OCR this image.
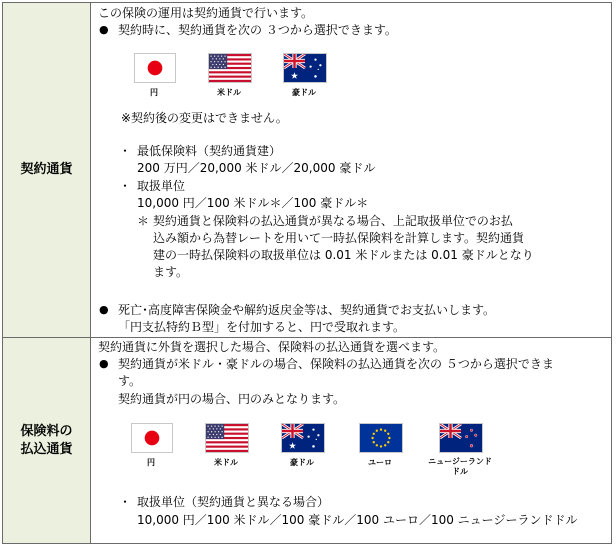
契約通貨
この保険の運用は契約通貨で行います。
● 契約時に、契約通貨を次の ３つから選択できます。
円	米ドル	豪ドル
※契約後の変更はできません。
・ 最低保険料（契約通貨建）
200 万円／20,000 米ドル／20,000 豪ドル
・ 取扱単位
10,000 円／100 米ドル＊／100 豪ドル＊
＊ 契約通貨と保険料の払込通貨が異なる場合、上記取扱単位でのお払
込み額から為替レートを用いて一時払保険料を計算します。契約通貨
建の一時払保険料の取扱単位は 0.01 米ドルまたは 0.01 豪ドルとなり
ます。
● 死亡･高度障害保険金や解約返戻金等は、契約通貨でお支払いします。
「円支払特約Ｂ型」を付加すると、円で受取れます。
保険料の
払込通貨
契約通貨に外貨を選択した場合、保険料の払込通貨を選べます。
● 契約通貨が米ドル・豪ドルの場合、保険料の払込通貨を次の ５つから選択できま
す。
契約通貨が円の場合、円のみとなります。
円	米ドル	豪ドル	ユーロ	ニュージーランド
ドル
・ 取扱単位（契約通貨と異なる場合）
10,000 円／100 米ドル／100 豪ドル／100 ユーロ／100 ニュージーランドドル
